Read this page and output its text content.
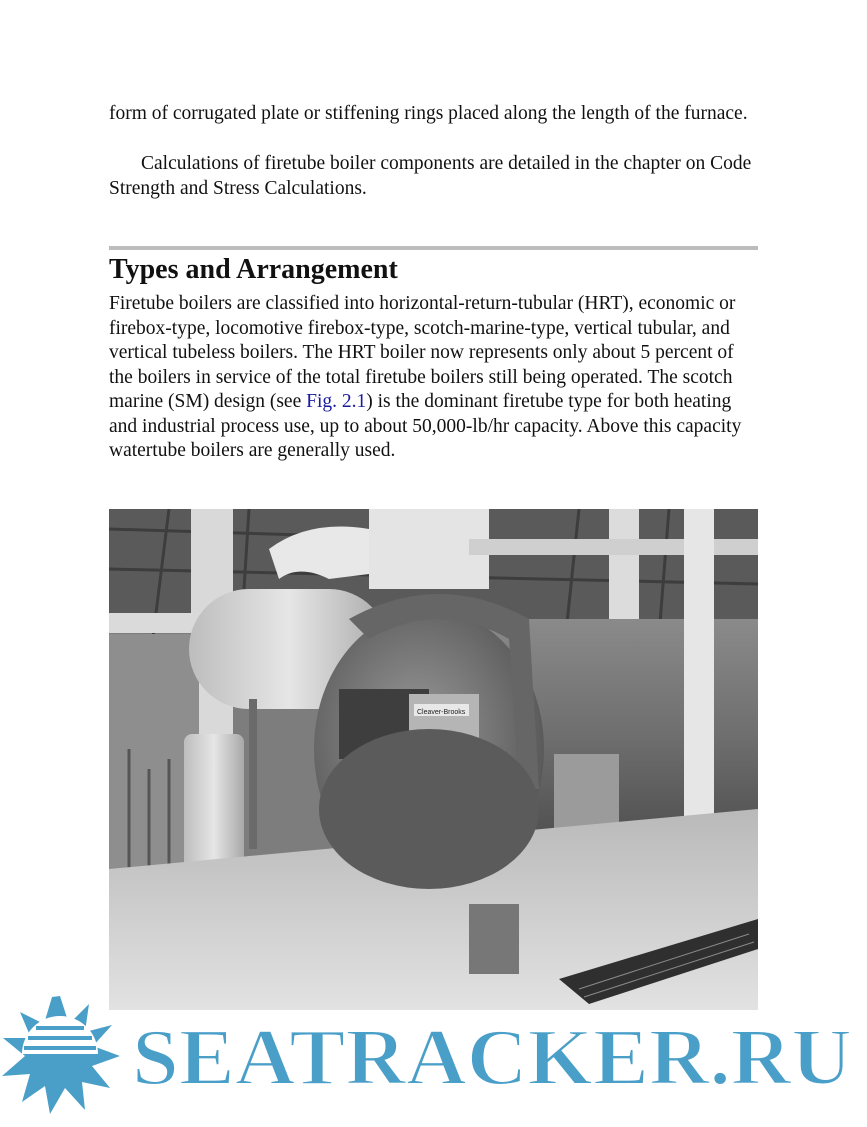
form of corrugated plate or stiffening rings placed along the length of the furnace.

Calculations of firetube boiler components are detailed in the chapter on Code Strength and Stress Calculations.

Types and Arrangement

Firetube boilers are classified into horizontal-return-tubular (HRT), economic or firebox-type, locomotive firebox-type, scotch-marine-type, vertical tubular, and vertical tubeless boilers. The HRT boiler now represents only about 5 percent of the boilers in service of the total firetube boilers still being operated. The scotch marine (SM) design (see Fig. 2.1) is the dominant firetube type for both heating and industrial process use, up to about 50,000-lb/hr capacity. Above this capacity watertube boilers are generally used.

Cleaver-Brooks
SEATRACKER.RU
